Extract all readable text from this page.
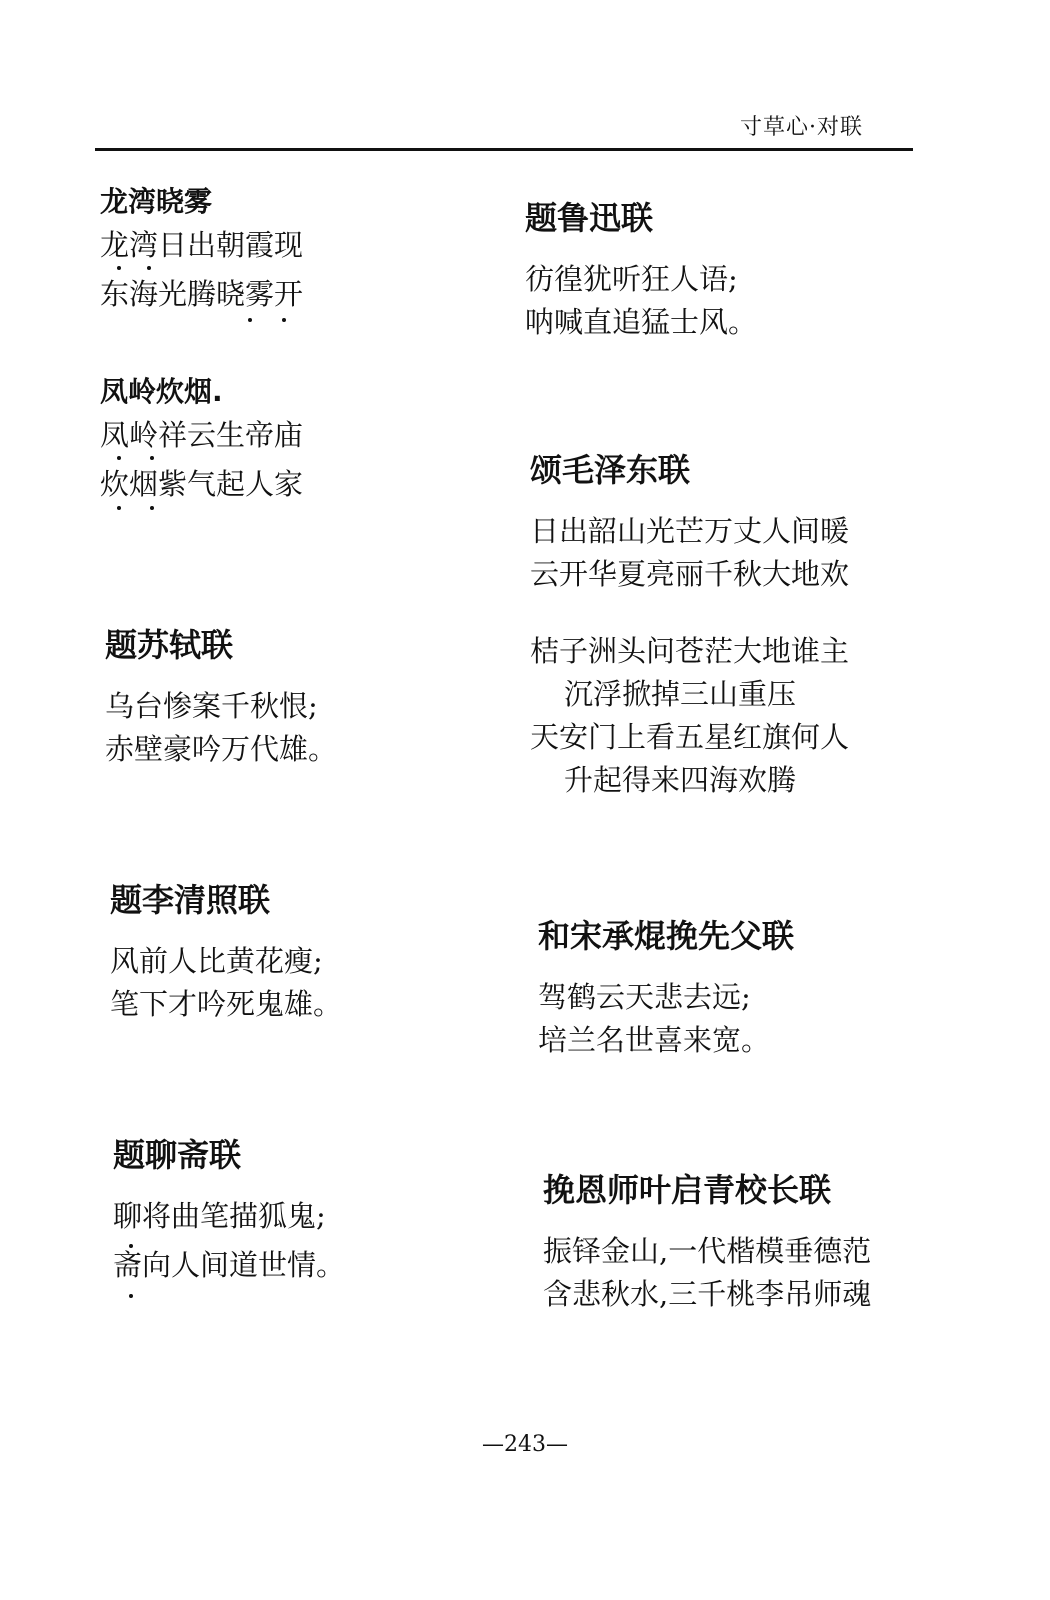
寸草心·对联
龙湾晓雾
龙湾日出朝霞现
东海光腾晓雾开
凤岭炊烟.
凤岭祥云生帝庙
炊烟紫气起人家
题苏轼联
乌台惨案千秋恨;
赤壁豪吟万代雄。
题李清照联
风前人比黄花瘦;
笔下才吟死鬼雄。
题聊斋联
聊将曲笔描狐鬼;
斋向人间道世情。
题鲁迅联
彷徨犹听狂人语;
呐喊直追猛士风。
颂毛泽东联
日出韶山光芒万丈人间暖
云开华夏亮丽千秋大地欢
桔子洲头问苍茫大地谁主
沉浮掀掉三山重压
天安门上看五星红旗何人
升起得来四海欢腾
和宋承焜挽先父联
驾鹤云天悲去远;
培兰名世喜来宽。
挽恩师叶启青校长联
振铎金山,一代楷模垂德范
含悲秋水,三千桃李吊师魂
—243—
